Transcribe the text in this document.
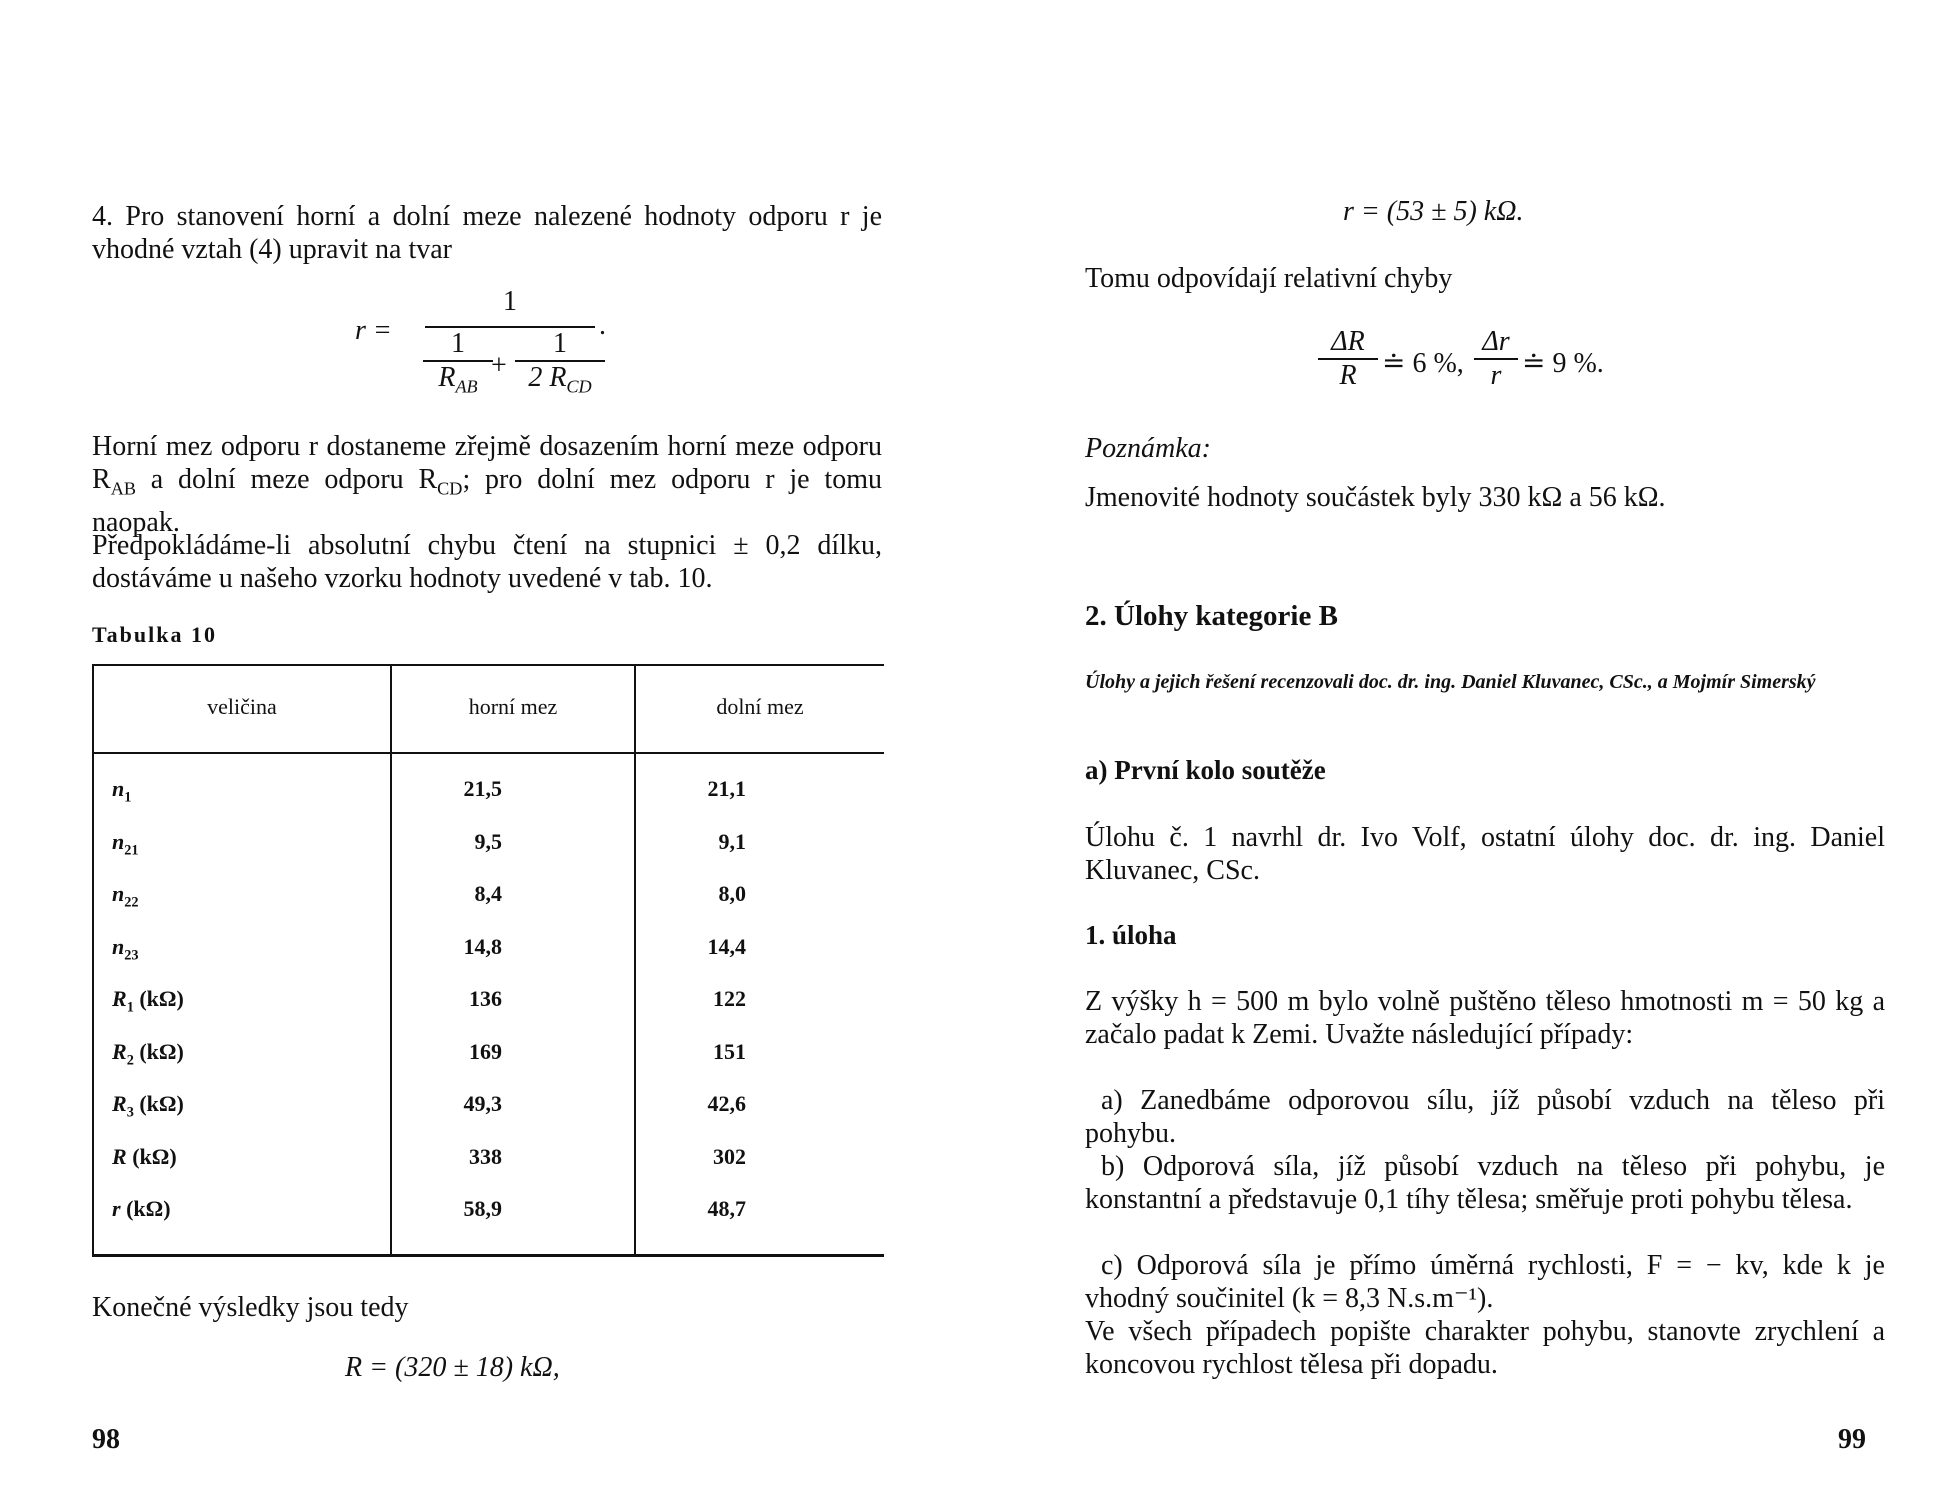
4. Pro stanovení horní a dolní meze nalezené hodnoty odporu r je vhodné vztah (4) upravit na tvar
r =
1
.
1
$R_{AB}$
+
1
2 $R_{CD}$
Horní mez odporu r dostaneme zřejmě dosazením horní meze odporu $R_{AB}$ a dolní meze odporu $R_{CD}$; pro dolní mez odporu r je tomu naopak.
Předpokládáme-li absolutní chybu čtení na stupnici ± 0,2 dílku, dostáváme u našeho vzorku hodnoty uvedené v tab. 10.
Tabulka 10
veličina	horní mez	dolní mez
$n_1$	21,5	21,1
$n_{21}$	9,5	9,1
$n_{22}$	8,4	8,0
$n_{23}$	14,8	14,4
$R_1$ (kΩ)	136	122
$R_2$ (kΩ)	169	151
$R_3$ (kΩ)	49,3	42,6
R (kΩ)	338	302
r (kΩ)	58,9	48,7
Konečné výsledky jsou tedy
R = (320 ± 18) kΩ,
98
r = (53 ± 5) kΩ.
Tomu odpovídají relativní chyby
ΔR
R ≐ 6 %,
Δr
r ≐ 9 %.
Poznámka:
Jmenovité hodnoty součástek byly 330 kΩ a 56 kΩ.
2. Úlohy kategorie B
Úlohy a jejich řešení recenzovali doc. dr. ing. Daniel Kluvanec, CSc., a Mojmír Simerský
a) První kolo soutěže
Úlohu č. 1 navrhl dr. Ivo Volf, ostatní úlohy doc. dr. ing. Daniel Kluvanec, CSc.
1. úloha
Z výšky h = 500 m bylo volně puštěno těleso hmotnosti m = 50 kg a začalo padat k Zemi. Uvažte následující případy:
a) Zanedbáme odporovou sílu, jíž působí vzduch na těleso při pohybu.
b) Odporová síla, jíž působí vzduch na těleso při pohybu, je konstantní a představuje 0,1 tíhy tělesa; směřuje proti pohybu tělesa.
c) Odporová síla je přímo úměrná rychlosti, F = − kv, kde k je vhodný součinitel (k = 8,3 N.s.m⁻¹).
Ve všech případech popište charakter pohybu, stanovte zrychlení a koncovou rychlost tělesa při dopadu.
99
